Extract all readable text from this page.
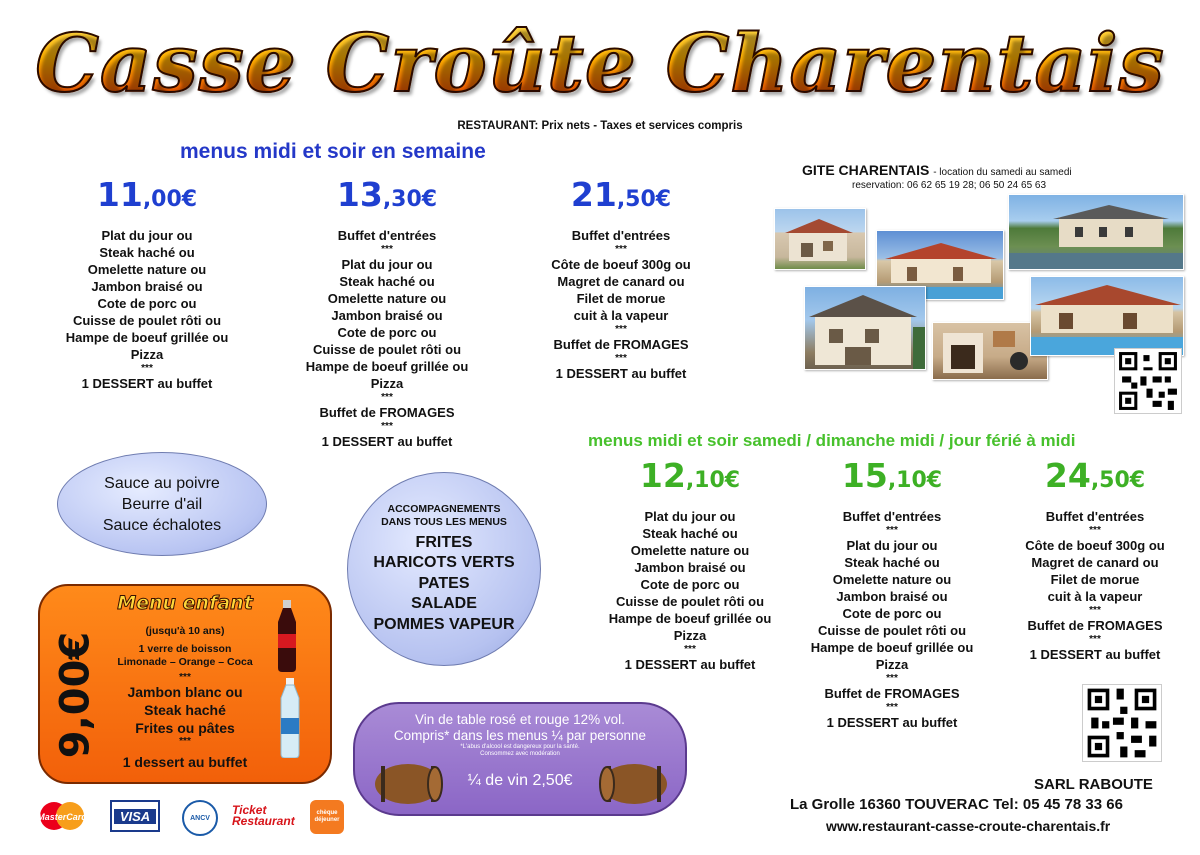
Casse Croûte Charentais
RESTAURANT: Prix nets - Taxes et services compris
menus midi et soir en semaine
11,00€
Plat du jour ou
Steak haché ou
Omelette nature ou
Jambon braisé ou
Cote de porc ou
Cuisse de poulet rôti ou
Hampe de boeuf grillée ou
Pizza
***
1 DESSERT au buffet
13,30€
Buffet d'entrées
***
Plat du jour ou
Steak haché ou
Omelette nature ou
Jambon braisé ou
Cote de porc ou
Cuisse de poulet rôti ou
Hampe de boeuf grillée ou
Pizza
***
Buffet de FROMAGES
***
1 DESSERT au buffet
21,50€
Buffet d'entrées
***
Côte de boeuf 300g ou
Magret de canard ou
Filet de morue
cuit à la vapeur
***
Buffet de FROMAGES
***
1 DESSERT au buffet
GITE CHARENTAIS - location du samedi au samedi
reservation: 06 62 65 19 28; 06 50 24 65 63
menus midi et soir samedi / dimanche midi / jour férié à midi
12,10€
Plat du jour ou
Steak haché ou
Omelette nature ou
Jambon braisé ou
Cote de porc ou
Cuisse de poulet rôti ou
Hampe de boeuf grillée ou
Pizza
***
1 DESSERT au buffet
15,10€
Buffet d'entrées
***
Plat du jour ou
Steak haché ou
Omelette nature ou
Jambon braisé ou
Cote de porc ou
Cuisse de poulet rôti ou
Hampe de boeuf grillée ou
Pizza
***
Buffet de FROMAGES
***
1 DESSERT au buffet
24,50€
Buffet d'entrées
***
Côte de boeuf 300g ou
Magret de canard ou
Filet de morue
cuit à la vapeur
***
Buffet de FROMAGES
***
1 DESSERT au buffet
Sauce au poivre
Beurre d'ail
Sauce échalotes
ACCOMPAGNEMENTS
DANS TOUS LES MENUS
FRITES
HARICOTS VERTS
PATES
SALADE
POMMES VAPEUR
Menu enfant
9,00€
(jusqu'à 10 ans)
1 verre de boisson
Limonade – Orange – Coca
***
Jambon blanc ou
Steak haché
Frites ou pâtes
***
1 dessert au buffet
Vin de table rosé et rouge 12% vol.
Compris* dans les menus ¼ par personne
*L'abus d'alcool est dangereux pour la santé.
Consommez avec modération
¼ de vin 2,50€
MasterCard	VISA	ANCV
Ticket Restaurant
chèque déjeuner
SARL RABOUTE
La Grolle 16360 TOUVERAC Tel: 05 45 78 33 66
www.restaurant-casse-croute-charentais.fr
